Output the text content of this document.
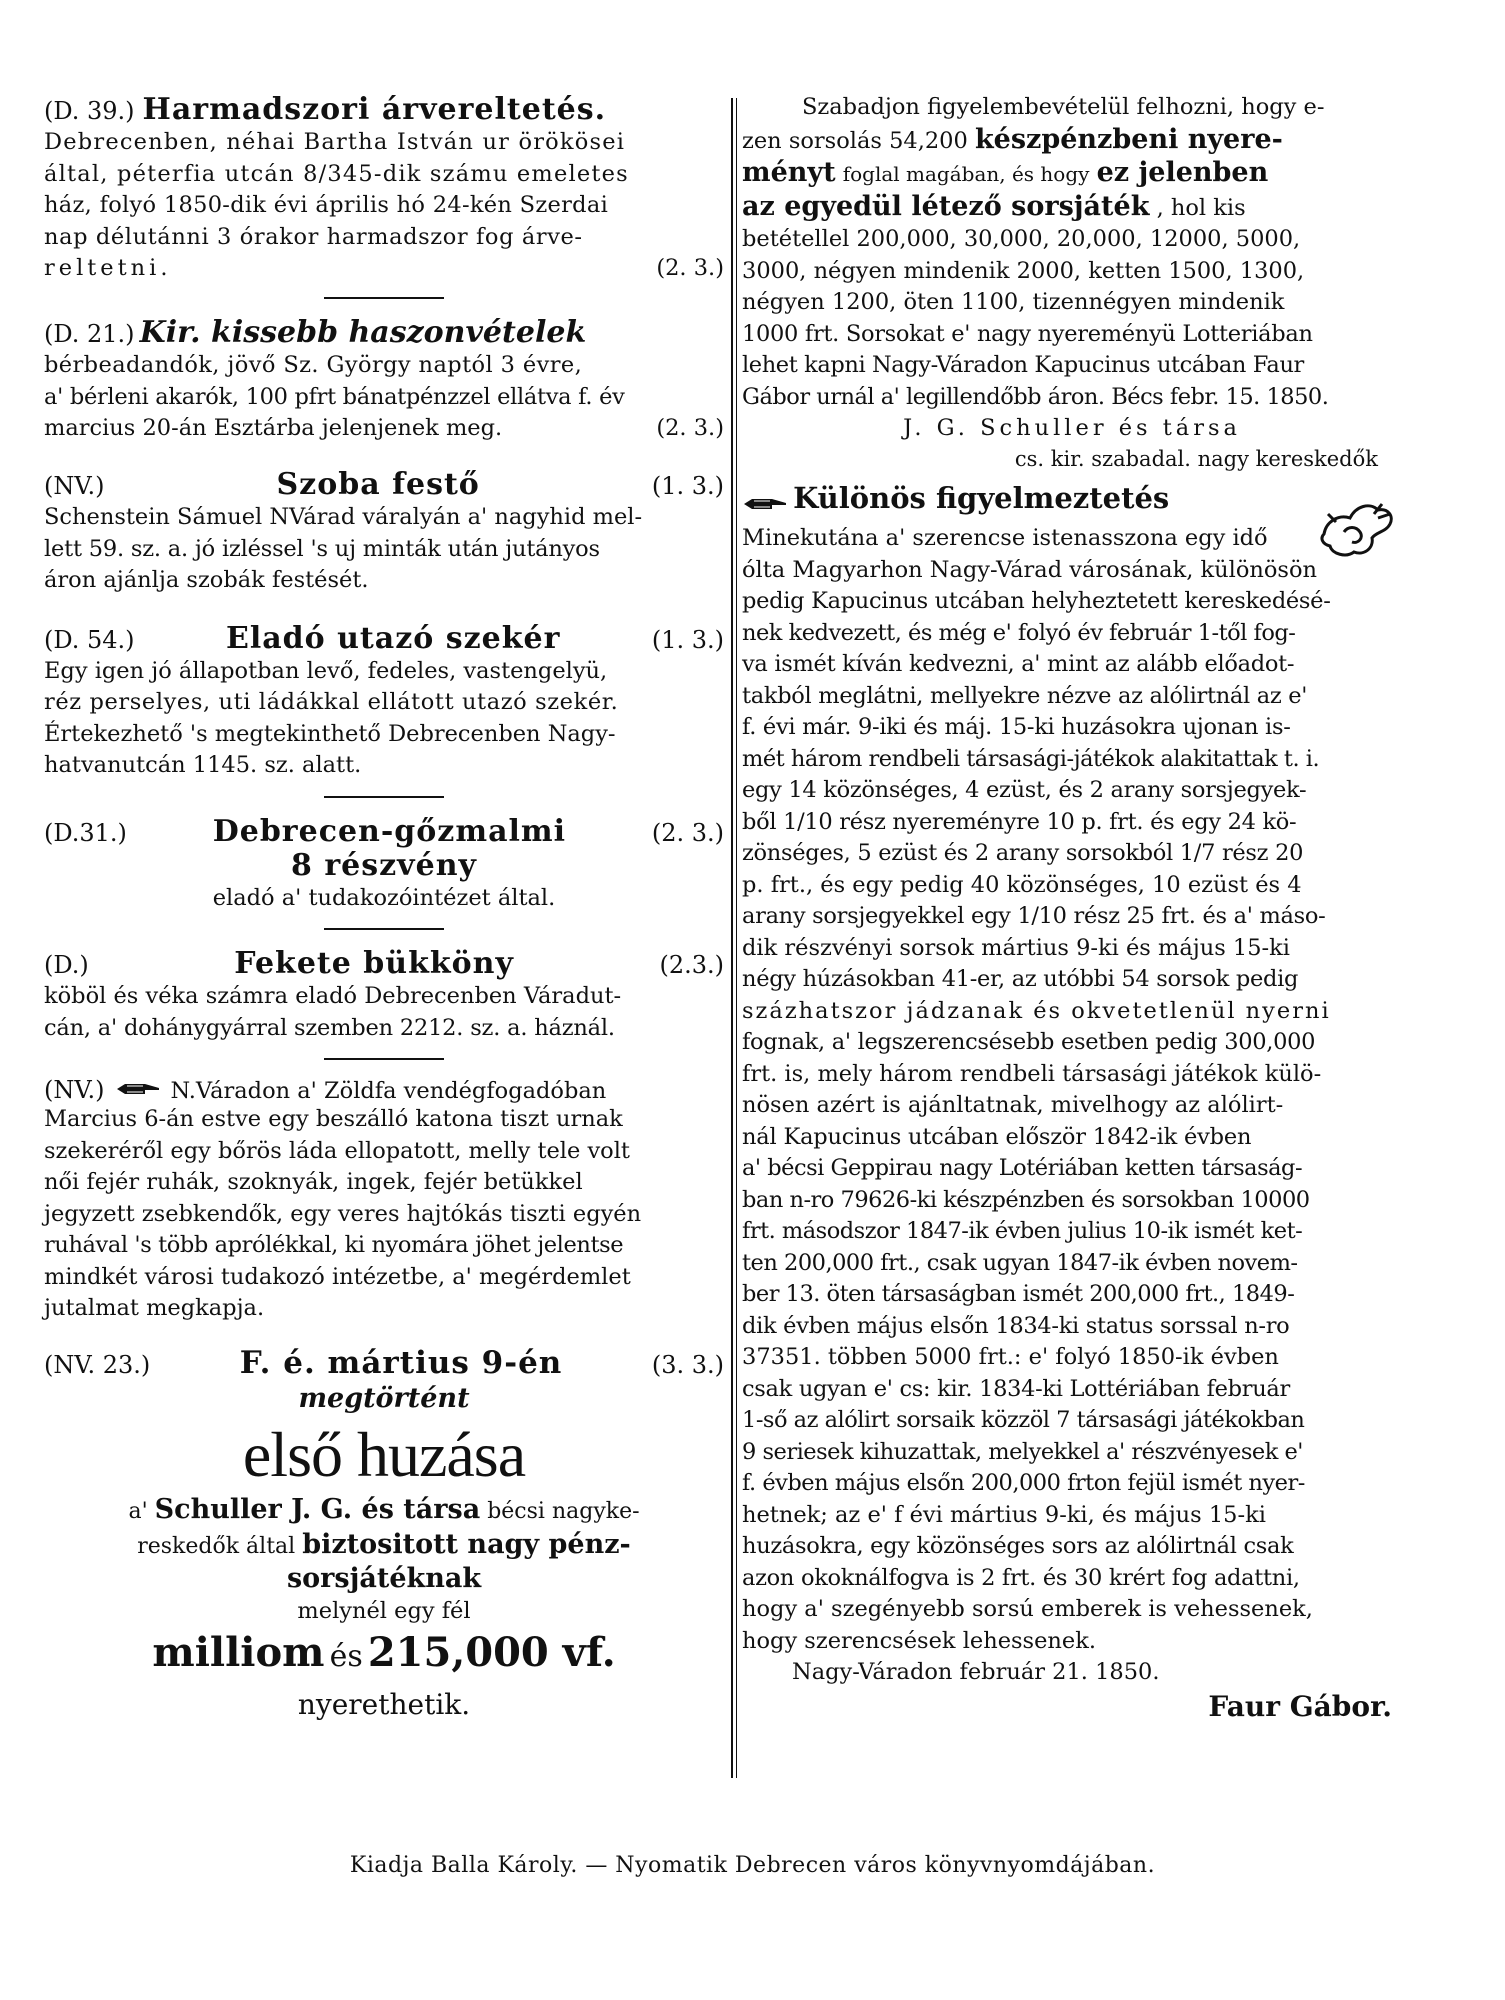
(D. 39.) Harmadszori árvereltetés.

Debrecenben, néhai Bartha István ur örökösei

által, péterfia utcán 8/345-dik számu emeletes

ház, folyó 1850-dik évi április hó 24-kén Szerdai

nap délutánni 3 órakor harmadszor fog árve-

reltetni.	(2. 3.)
(D. 21.) Kir. kissebb haszonvételek

bérbeadandók, jövő Sz. György naptól 3 évre,

a' bérleni akarók, 100 pfrt bánatpénzzel ellátva f. év

marcius 20-án Esztárba jelenjenek meg.	(2. 3.)
(NV.)	Szoba festő	(1. 3.)

Schenstein Sámuel NVárad váralyán a' nagyhid mel-

lett 59. sz. a. jó izléssel 's uj minták után jutányos

áron ajánlja szobák festését.

(D. 54.)	Eladó utazó szekér	(1. 3.)

Egy igen jó állapotban levő, fedeles, vastengelyü,

réz perselyes, uti ládákkal ellátott utazó szekér.

Értekezhető 's megtekinthető Debrecenben Nagy-

hatvanutcán 1145. sz. alatt.

(D.31.)	Debrecen-gőzmalmi	(2. 3.)
8 részvény

eladó a' tudakozóintézet által.

(D.)	Fekete bükköny	(2.3.)

köböl és véka számra eladó Debrecenben Váradut-

cán, a' dohánygyárral szemben 2212. sz. a. háznál.

(NV.)	N.Váradon a' Zöldfa vendégfogadóban

Marcius 6-án estve egy beszálló katona tiszt urnak

szekeréről egy bőrös láda ellopatott, melly tele volt

női fejér ruhák, szoknyák, ingek, fejér betükkel

jegyzett zsebkendők, egy veres hajtókás tiszti egyén

ruhával 's több aprólékkal, ki nyomára jöhet jelentse

mindkét városi tudakozó intézetbe, a' megérdemlet

jutalmat megkapja.

(NV. 23.)	F. é. mártius 9-én	(3. 3.)
megtörtént
első huzása
a' Schuller J. G. és társa bécsi nagyke-
reskedők által biztositott nagy pénz-
sorsjátéknak
melynél egy fél
milliom és 215,000 vf.
nyerethetik.

Szabadjon figyelembevételül felhozni, hogy e-

zen sorsolás 54,200 készpénzbeni nyere-
ményt foglal magában, és hogy ez jelenben
az egyedül létező sorsjáték , hol kis

betétellel 200,000, 30,000, 20,000, 12000, 5000,

3000, négyen mindenik 2000, ketten 1500, 1300,

négyen 1200, öten 1100, tizennégyen mindenik

1000 frt. Sorsokat e' nagy nyereményü Lotteriában

lehet kapni Nagy-Váradon Kapucinus utcában Faur

Gábor urnál a' legillendőbb áron. Bécs febr. 15. 1850.

J. G. Schuller és társa
cs. kir. szabadal. nagy kereskedők
Különös figyelmeztetés

Minekutána a' szerencse istenasszona egy idő

ólta Magyarhon Nagy-Várad városának, különösön

pedig Kapucinus utcában helyheztetett kereskedésé-

nek kedvezett, és még e' folyó év február 1-től fog-

va ismét kíván kedvezni, a' mint az alább előadot-

takból meglátni, mellyekre nézve az alólirtnál az e'

f. évi már. 9-iki és máj. 15-ki huzásokra ujonan is-

mét három rendbeli társasági-játékok alakitattak t. i.

egy 14 közönséges, 4 ezüst, és 2 arany sorsjegyek-

ből 1/10 rész nyereményre 10 p. frt. és egy 24 kö-

zönséges, 5 ezüst és 2 arany sorsokból 1/7 rész 20

p. frt., és egy pedig 40 közönséges, 10 ezüst és 4

arany sorsjegyekkel egy 1/10 rész 25 frt. és a' máso-

dik részvényi sorsok mártius 9-ki és május 15-ki

négy húzásokban 41-er, az utóbbi 54 sorsok pedig

százhatszor jádzanak és okvetetlenül nyerni

fognak, a' legszerencsésebb esetben pedig 300,000

frt. is, mely három rendbeli társasági játékok külö-

nösen azért is ajánltatnak, mivelhogy az alólirt-

nál Kapucinus utcában először 1842-ik évben

a' bécsi Geppirau nagy Lotériában ketten társaság-

ban n-ro 79626-ki készpénzben és sorsokban 10000

frt. másodszor 1847-ik évben julius 10-ik ismét ket-

ten 200,000 frt., csak ugyan 1847-ik évben novem-

ber 13. öten társaságban ismét 200,000 frt., 1849-

dik évben május elsőn 1834-ki status sorssal n-ro

37351. többen 5000 frt.: e' folyó 1850-ik évben

csak ugyan e' cs: kir. 1834-ki Lottériában február

1-ső az alólirt sorsaik közzöl 7 társasági játékokban

9 seriesek kihuzattak, melyekkel a' részvényesek e'

f. évben május elsőn 200,000 frton fejül ismét nyer-

hetnek; az e' f évi mártius 9-ki, és május 15-ki

huzásokra, egy közönséges sors az alólirtnál csak

azon okoknálfogva is 2 frt. és 30 krért fog adattni,

hogy a' szegényebb sorsú emberek is vehessenek,

hogy szerencsések lehessenek.

Nagy-Váradon február 21. 1850.

Faur Gábor.
Kiadja Balla Károly. — Nyomatik Debrecen város könyvnyomdájában.
